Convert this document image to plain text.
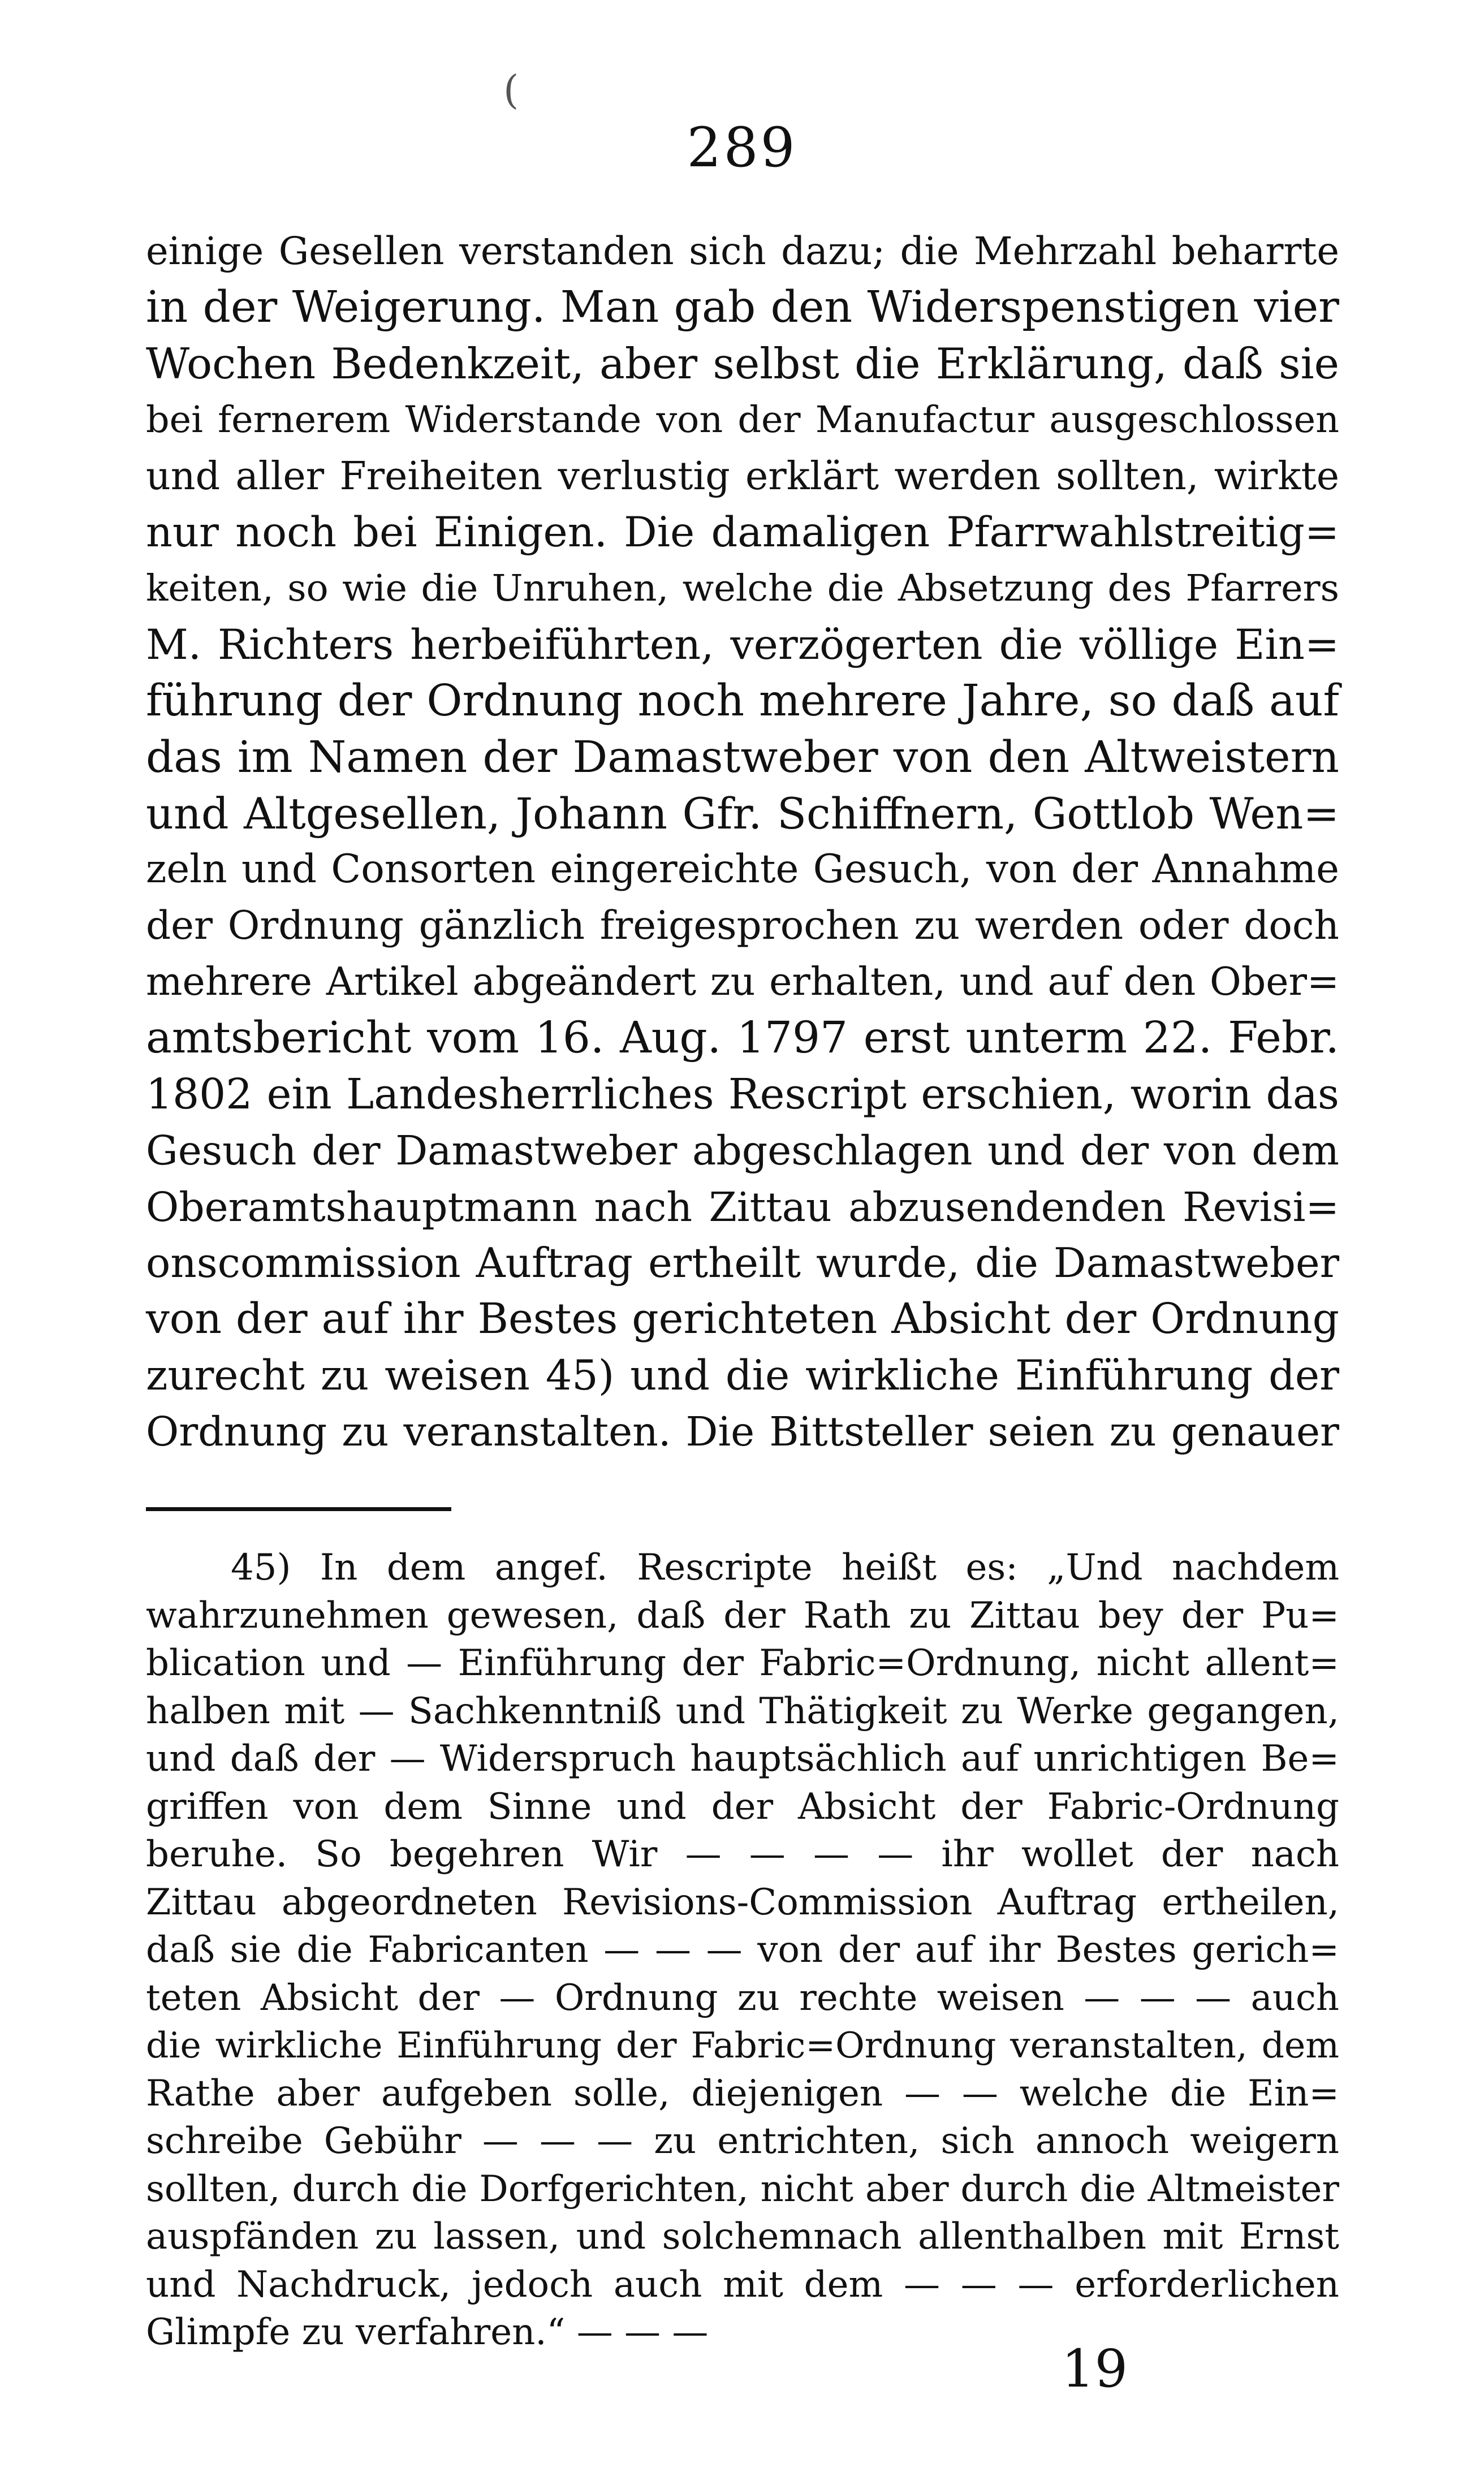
(
289
einige Gesellen verstanden sich dazu; die Mehrzahl beharrte
in der Weigerung. Man gab den Widerspenstigen vier
Wochen Bedenkzeit, aber selbst die Erklärung, daß sie
bei fernerem Widerstande von der Manufactur ausgeschlossen
und aller Freiheiten verlustig erklärt werden sollten, wirkte
nur noch bei Einigen. Die damaligen Pfarrwahlstreitig=
keiten, so wie die Unruhen, welche die Absetzung des Pfarrers
M. Richters herbeiführten, verzögerten die völlige Ein=
führung der Ordnung noch mehrere Jahre, so daß auf
das im Namen der Damastweber von den Altweistern
und Altgesellen, Johann Gfr. Schiffnern, Gottlob Wen=
zeln und Consorten eingereichte Gesuch, von der Annahme
der Ordnung gänzlich freigesprochen zu werden oder doch
mehrere Artikel abgeändert zu erhalten, und auf den Ober=
amtsbericht vom 16. Aug. 1797 erst unterm 22. Febr.
1802 ein Landesherrliches Rescript erschien, worin das
Gesuch der Damastweber abgeschlagen und der von dem
Oberamtshauptmann nach Zittau abzusendenden Revisi=
onscommission Auftrag ertheilt wurde, die Damastweber
von der auf ihr Bestes gerichteten Absicht der Ordnung
zurecht zu weisen 45) und die wirkliche Einführung der
Ordnung zu veranstalten. Die Bittsteller seien zu genauer
45) In dem angef. Rescripte heißt es: „Und nachdem
wahrzunehmen gewesen, daß der Rath zu Zittau bey der Pu=
blication und — Einführung der Fabric=Ordnung, nicht allent=
halben mit — Sachkenntniß und Thätigkeit zu Werke gegangen,
und daß der — Widerspruch hauptsächlich auf unrichtigen Be=
griffen von dem Sinne und der Absicht der Fabric-Ordnung
beruhe. So begehren Wir — — — — ihr wollet der nach
Zittau abgeordneten Revisions-Commission Auftrag ertheilen,
daß sie die Fabricanten — — — von der auf ihr Bestes gerich=
teten Absicht der — Ordnung zu rechte weisen — — — auch
die wirkliche Einführung der Fabric=Ordnung veranstalten, dem
Rathe aber aufgeben solle, diejenigen — — welche die Ein=
schreibe Gebühr — — — zu entrichten, sich annoch weigern
sollten, durch die Dorfgerichten, nicht aber durch die Altmeister
auspfänden zu lassen, und solchemnach allenthalben mit Ernst
und Nachdruck, jedoch auch mit dem — — — erforderlichen
Glimpfe zu verfahren.“ — — —
19
